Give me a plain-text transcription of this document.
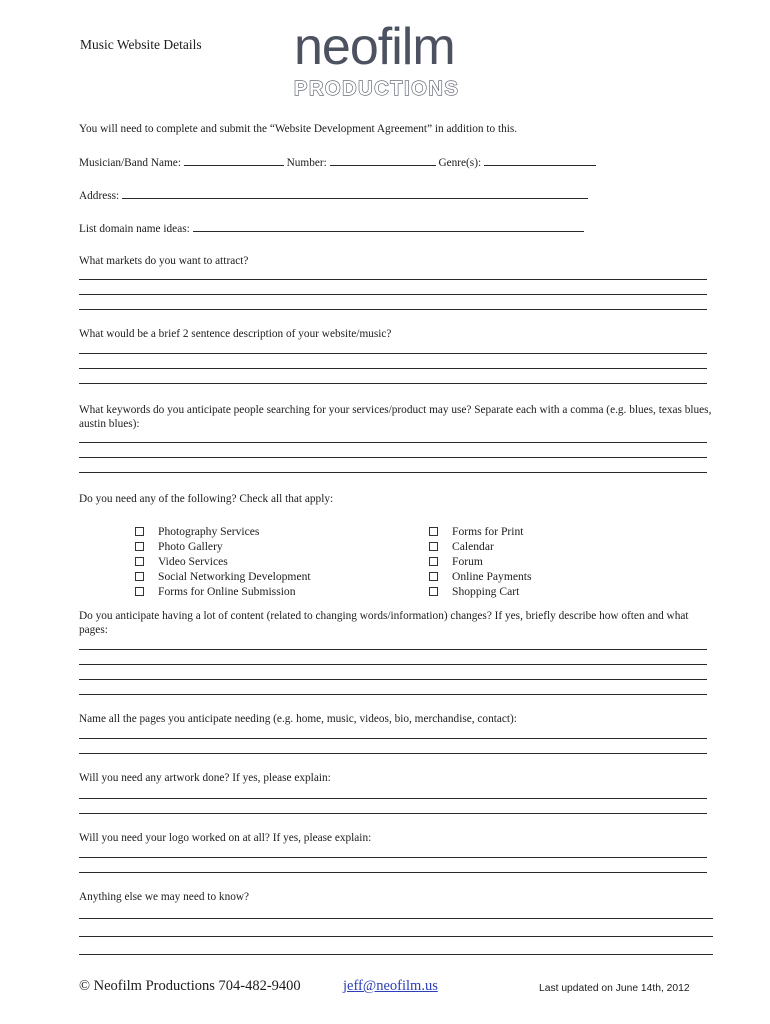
Music Website Details neofilm
PRODUCTIONS
You will need to complete and submit the “Website Development Agreement” in addition to this.
Musician/Band Name:	Number:	Genre(s):
Address:
List domain name ideas:
What markets do you want to attract?
What would be a brief 2 sentence description of your website/music?
What keywords do you anticipate people searching for your services/product may use? Separate each with a comma (e.g. blues, texas blues, austin blues):
Do you need any of the following? Check all that apply:
Photography Services
Photo Gallery
Video Services
Social Networking Development
Forms for Online Submission
Forms for Print
Calendar
Forum
Online Payments
Shopping Cart
Do you anticipate having a lot of content (related to changing words/information) changes? If yes, briefly describe how often and what pages:
Name all the pages you anticipate needing (e.g. home, music, videos, bio, merchandise, contact):
Will you need any artwork done? If yes, please explain:
Will you need your logo worked on at all? If yes, please explain:
Anything else we may need to know?
© Neofilm Productions 704-482-9400	jeff@neofilm.us	Last updated on June 14th, 2012
